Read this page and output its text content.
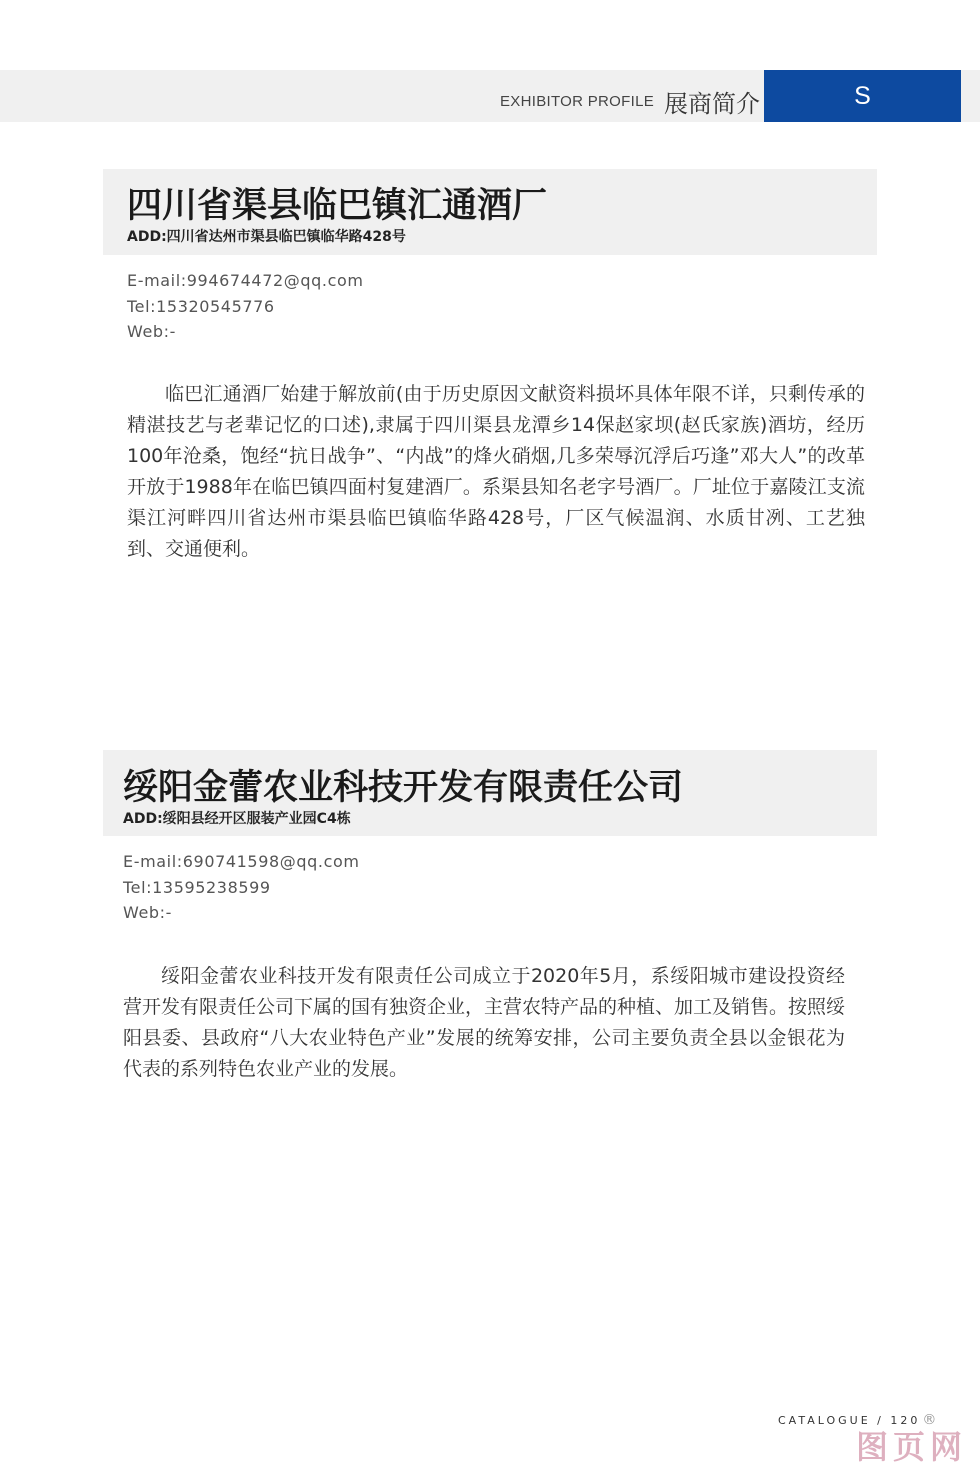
EXHIBITOR PROFILE 展商简介	S
四川省渠县临巴镇汇通酒厂
ADD:四川省达州市渠县临巴镇临华路428号
E-mail:994674472@qq.com
Tel:15320545776
Web:-
临巴汇通酒厂始建于解放前(由于历史原因文献资料损坏具体年限不详，只剩传承的精湛技艺与老辈记忆的口述),隶属于四川渠县龙潭乡14保赵家坝(赵氏家族)酒坊，经历100年沧桑，饱经“抗日战争”、“内战”的烽火硝烟,几多荣辱沉浮后巧逢”邓大人”的改革开放于1988年在临巴镇四面村复建酒厂。系渠县知名老字号酒厂。厂址位于嘉陵江支流渠江河畔四川省达州市渠县临巴镇临华路428号，厂区气候温润、水质甘冽、工艺独到、交通便利。
绥阳金蕾农业科技开发有限责任公司
ADD:绥阳县经开区服装产业园C4栋
E-mail:690741598@qq.com
Tel:13595238599
Web:-
绥阳金蕾农业科技开发有限责任公司成立于2020年5月，系绥阳城市建设投资经营开发有限责任公司下属的国有独资企业，主营农特产品的种植、加工及销售。按照绥阳县委、县政府“八大农业特色产业”发展的统筹安排，公司主要负责全县以金银花为代表的系列特色农业产业的发展。
CATALOGUE / 120 ®
图页网
